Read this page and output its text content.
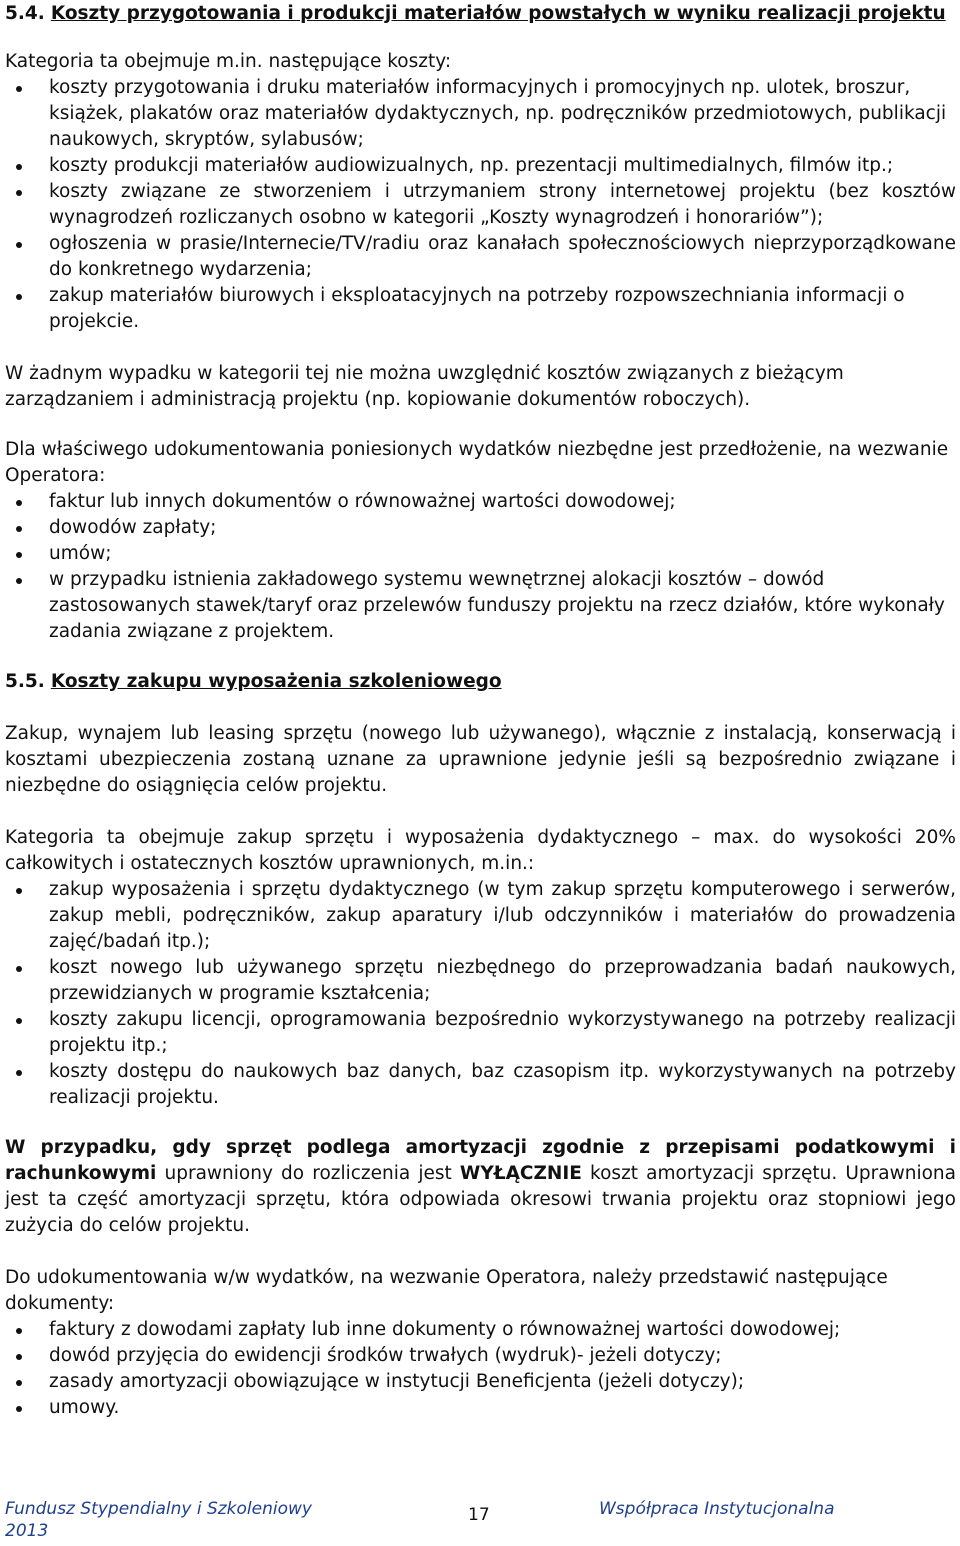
5.4. Koszty przygotowania i produkcji materiałów powstałych w wyniku realizacji projektu

Kategoria ta obejmuje m.in. następujące koszty:

koszty przygotowania i druku materiałów informacyjnych i promocyjnych np. ulotek, broszur, książek, plakatów oraz materiałów dydaktycznych, np. podręczników przedmiotowych, publikacji naukowych, skryptów, sylabusów;
koszty produkcji materiałów audiowizualnych, np. prezentacji multimedialnych, filmów itp.;
koszty związane ze stworzeniem i utrzymaniem strony internetowej projektu (bez kosztów wynagrodzeń rozliczanych osobno w kategorii „Koszty wynagrodzeń i honorariów”);
ogłoszenia w prasie/Internecie/TV/radiu oraz kanałach społecznościowych nieprzyporządkowane do konkretnego wydarzenia;
zakup materiałów biurowych i eksploatacyjnych na potrzeby rozpowszechniania informacji o projekcie.

W żadnym wypadku w kategorii tej nie można uwzględnić kosztów związanych z bieżącym zarządzaniem i administracją projektu (np. kopiowanie dokumentów roboczych).

Dla właściwego udokumentowania poniesionych wydatków niezbędne jest przedłożenie, na wezwanie Operatora:

faktur lub innych dokumentów o równoważnej wartości dowodowej;
dowodów zapłaty;
umów;
w przypadku istnienia zakładowego systemu wewnętrznej alokacji kosztów – dowód zastosowanych stawek/taryf oraz przelewów funduszy projektu na rzecz działów, które wykonały zadania związane z projektem.

5.5. Koszty zakupu wyposażenia szkoleniowego

Zakup, wynajem lub leasing sprzętu (nowego lub używanego), włącznie z instalacją, konserwacją i kosztami ubezpieczenia zostaną uznane za uprawnione jedynie jeśli są bezpośrednio związane i niezbędne do osiągnięcia celów projektu.

Kategoria ta obejmuje zakup sprzętu i wyposażenia dydaktycznego – max. do wysokości 20% całkowitych i ostatecznych kosztów uprawnionych, m.in.:

zakup wyposażenia i sprzętu dydaktycznego (w tym zakup sprzętu komputerowego i serwerów, zakup mebli, podręczników, zakup aparatury i/lub odczynników i materiałów do prowadzenia zajęć/badań itp.);
koszt nowego lub używanego sprzętu niezbędnego do przeprowadzania badań naukowych, przewidzianych w programie kształcenia;
koszty zakupu licencji, oprogramowania bezpośrednio wykorzystywanego na potrzeby realizacji projektu itp.;
koszty dostępu do naukowych baz danych, baz czasopism itp. wykorzystywanych na potrzeby realizacji projektu.

W przypadku, gdy sprzęt podlega amortyzacji zgodnie z przepisami podatkowymi i rachunkowymi uprawniony do rozliczenia jest WYŁĄCZNIE koszt amortyzacji sprzętu. Uprawniona jest ta część amortyzacji sprzętu, która odpowiada okresowi trwania projektu oraz stopniowi jego zużycia do celów projektu.

Do udokumentowania w/w wydatków, na wezwanie Operatora, należy przedstawić następujące dokumenty:

faktury z dowodami zapłaty lub inne dokumenty o równoważnej wartości dowodowej;
dowód przyjęcia do ewidencji środków trwałych (wydruk)- jeżeli dotyczy;
zasady amortyzacji obowiązujące w instytucji Beneficjenta (jeżeli dotyczy);
umowy.
Fundusz Stypendialny i Szkoleniowy 2013
17	Współpraca Instytucjonalna
